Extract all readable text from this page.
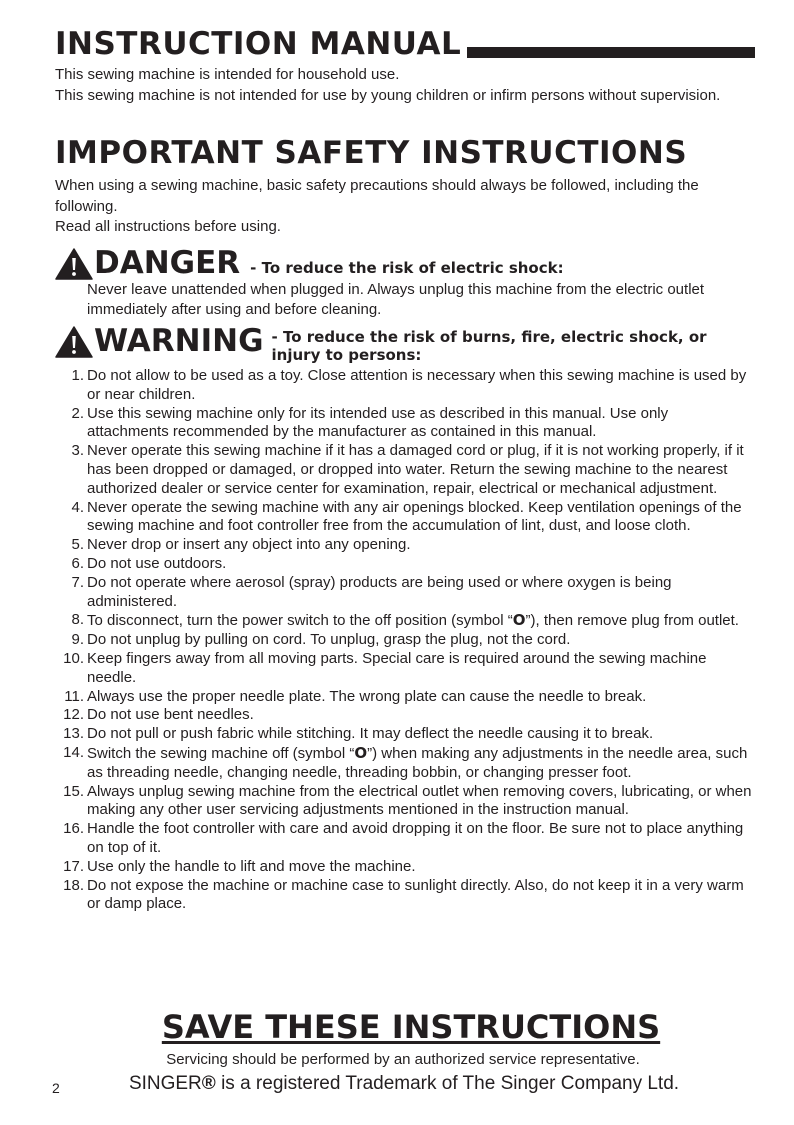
INSTRUCTION MANUAL
This sewing machine is intended for household use.
This sewing machine is not intended for use by young children or infirm persons without supervision.
IMPORTANT SAFETY INSTRUCTIONS
When using a sewing machine, basic safety precautions should always be followed, including the following.
Read all instructions before using.
DANGER - To reduce the risk of electric shock:
Never leave unattended when plugged in. Always unplug this machine from the electric outlet immediately after using and before cleaning.
WARNING - To reduce the risk of burns, fire, electric shock, or injury to persons:
1. Do not allow to be used as a toy. Close attention is necessary when this sewing machine is used by or near children.
2. Use this sewing machine only for its intended use as described in this manual. Use only attachments recommended by the manufacturer as contained in this manual.
3. Never operate this sewing machine if it has a damaged cord or plug, if it is not working properly, if it has been dropped or damaged, or dropped into water. Return the sewing machine to the nearest authorized dealer or service center for examination, repair, electrical or mechanical adjustment.
4. Never operate the sewing machine with any air openings blocked. Keep ventilation openings of the sewing machine and foot controller free from the accumulation of lint, dust, and loose cloth.
5. Never drop or insert any object into any opening.
6. Do not use outdoors.
7. Do not operate where aerosol (spray) products are being used or where oxygen is being administered.
8. To disconnect, turn the power switch to the off position (symbol “O”), then remove plug from outlet.
9. Do not unplug by pulling on cord. To unplug, grasp the plug, not the cord.
10. Keep fingers away from all moving parts. Special care is required around the sewing machine needle.
11. Always use the proper needle plate. The wrong plate can cause the needle to break.
12. Do not use bent needles.
13. Do not pull or push fabric while stitching. It may deflect the needle causing it to break.
14. Switch the sewing machine off (symbol “O”) when making any adjustments in the needle area, such as threading needle, changing needle, threading bobbin, or changing presser foot.
15. Always unplug sewing machine from the electrical outlet when removing covers, lubricating, or when making any other user servicing adjustments mentioned in the instruction manual.
16. Handle the foot controller with care and avoid dropping it on the floor. Be sure not to place anything on top of it.
17. Use only the handle to lift and move the machine.
18. Do not expose the machine or machine case to sunlight directly. Also, do not keep it in a very warm or damp place.
SAVE THESE INSTRUCTIONS
Servicing should be performed by an authorized service representative.
2	SINGER® is a registered Trademark of The Singer Company Ltd.
